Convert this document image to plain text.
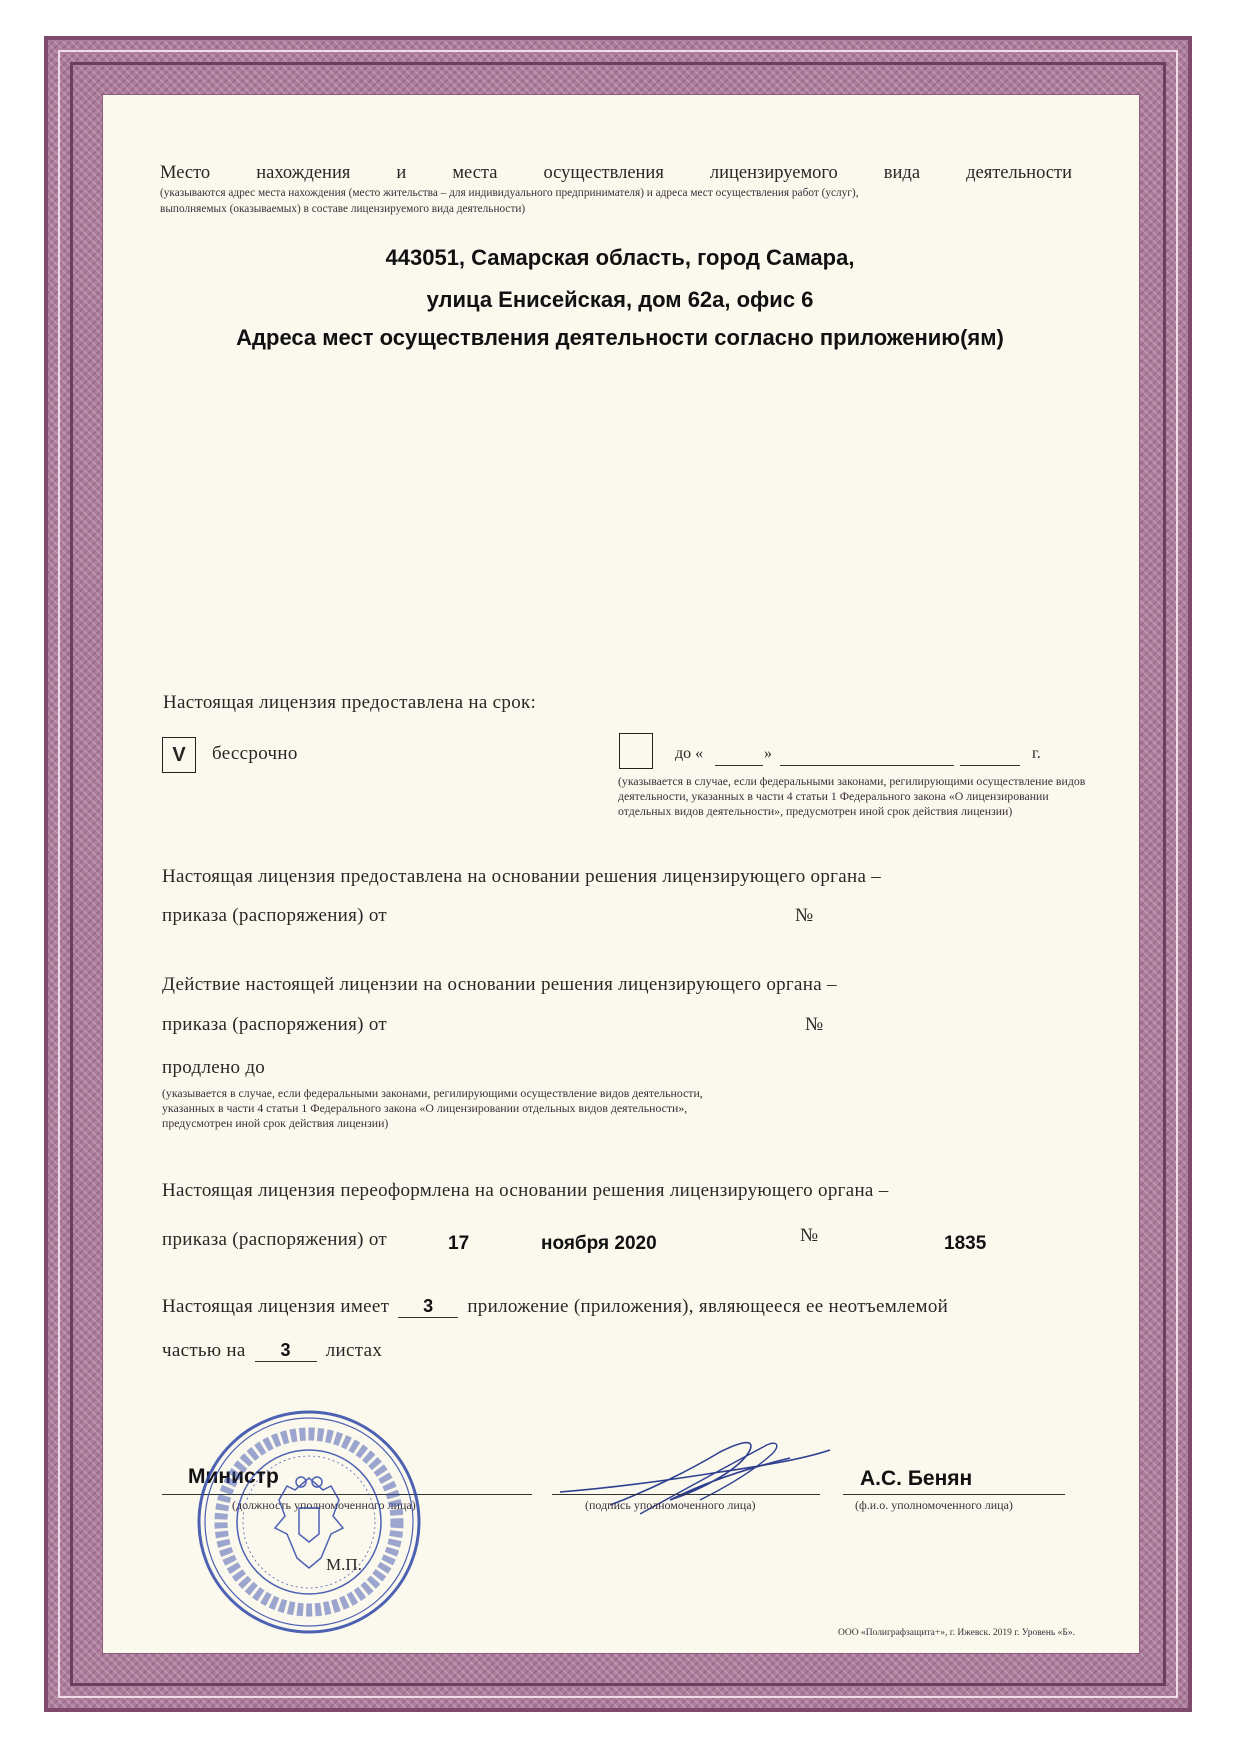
Место нахождения и места осуществления лицензируемого вида деятельности
(указываются адрес места нахождения (место жительства – для индивидуального предпринимателя) и адреса мест осуществления работ (услуг),
выполняемых (оказываемых) в составе лицензируемого вида деятельности)
443051, Самарская область, город Самара,
улица Енисейская, дом 62а, офис 6
Адреса мест осуществления деятельности согласно приложению(ям)
Настоящая лицензия предоставлена на срок:
V	бессрочно	до «	»	г.
(указывается в случае, если федеральными законами, регилирующими осуществление видов деятельности, указанных в части 4 статьи 1 Федерального закона «О лицензировании отдельных видов деятельности», предусмотрен иной срок действия лицензии)
Настоящая лицензия предоставлена на основании решения лицензирующего органа –
приказа (распоряжения) от	№
Действие настоящей лицензии на основании решения лицензирующего органа –
приказа (распоряжения) от	№
продлено до
(указывается в случае, если федеральными законами, регилирующими осуществление видов деятельности, указанных в части 4 статьи 1 Федерального закона «О лицензировании отдельных видов деятельности», предусмотрен иной срок действия лицензии)
Настоящая лицензия переоформлена на основании решения лицензирующего органа –
приказа (распоряжения) от	17	ноября 2020	№	1835
Настоящая лицензия имеет 3 приложение (приложения), являющееся ее неотъемлемой
частью на 3 листах
Министр
(должность уполномоченного лица)	(подпись уполномоченного лица)
А.С. Бенян
(ф.и.о. уполномоченного лица)
М.П.
ООО «Полиграфзащита+», г. Ижевск. 2019 г. Уровень «Б».
